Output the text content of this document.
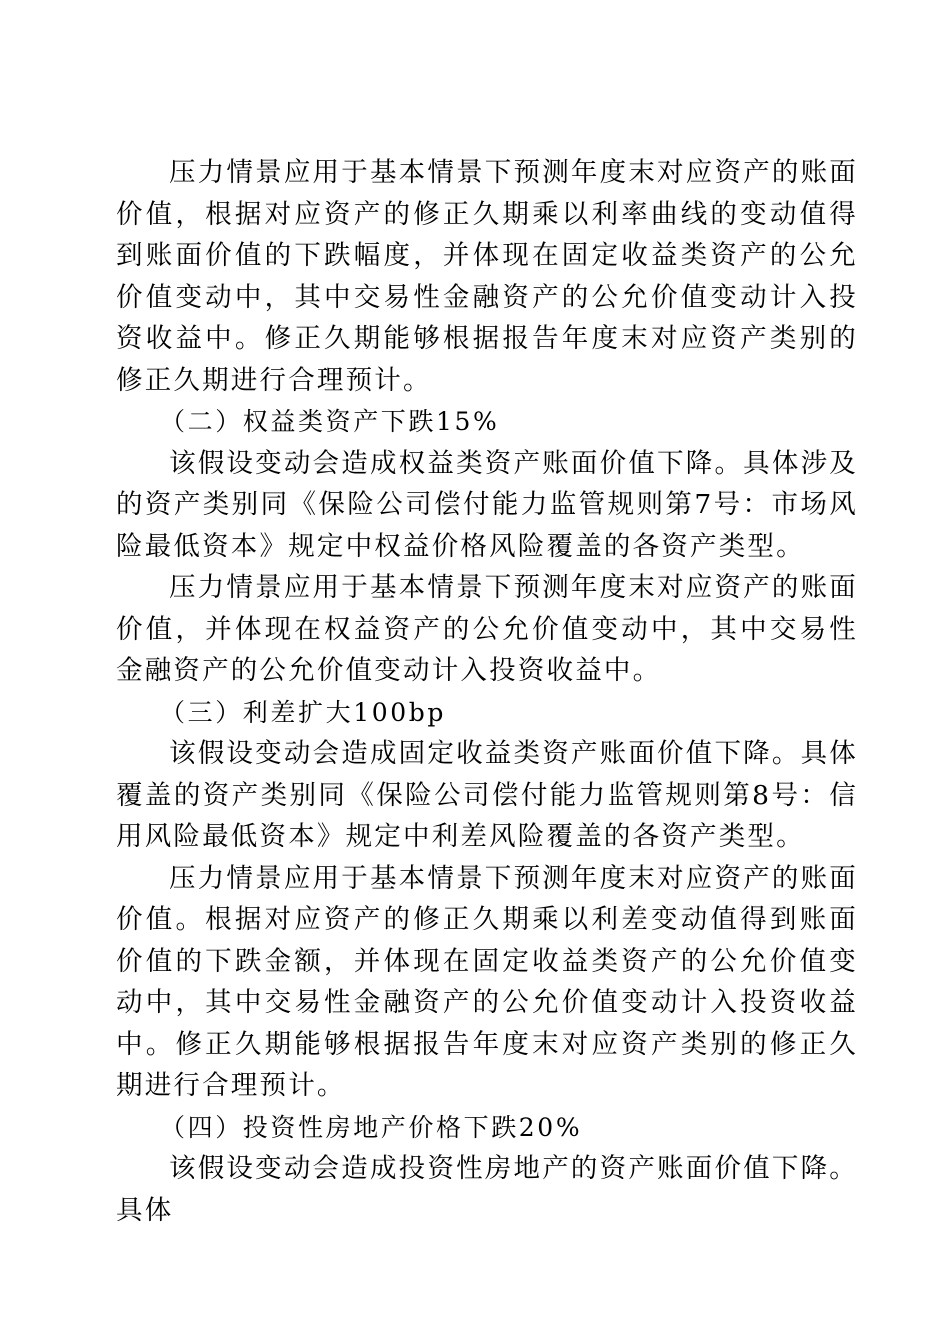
压力情景应用于基本情景下预测年度末对应资产的账面价值，根据对应资产的修正久期乘以利率曲线的变动值得到账面价值的下跌幅度，并体现在固定收益类资产的公允价值变动中，其中交易性金融资产的公允价值变动计入投资收益中。修正久期能够根据报告年度末对应资产类别的修正久期进行合理预计。

（二）权益类资产下跌15%

该假设变动会造成权益类资产账面价值下降。具体涉及的资产类别同《保险公司偿付能力监管规则第7号：市场风险最低资本》规定中权益价格风险覆盖的各资产类型。

压力情景应用于基本情景下预测年度末对应资产的账面价值，并体现在权益资产的公允价值变动中，其中交易性金融资产的公允价值变动计入投资收益中。

（三）利差扩大100bp

该假设变动会造成固定收益类资产账面价值下降。具体覆盖的资产类别同《保险公司偿付能力监管规则第8号：信用风险最低资本》规定中利差风险覆盖的各资产类型。

压力情景应用于基本情景下预测年度末对应资产的账面价值。根据对应资产的修正久期乘以利差变动值得到账面价值的下跌金额，并体现在固定收益类资产的公允价值变动中，其中交易性金融资产的公允价值变动计入投资收益中。修正久期能够根据报告年度末对应资产类别的修正久期进行合理预计。

（四）投资性房地产价格下跌20%

该假设变动会造成投资性房地产的资产账面价值下降。具体
